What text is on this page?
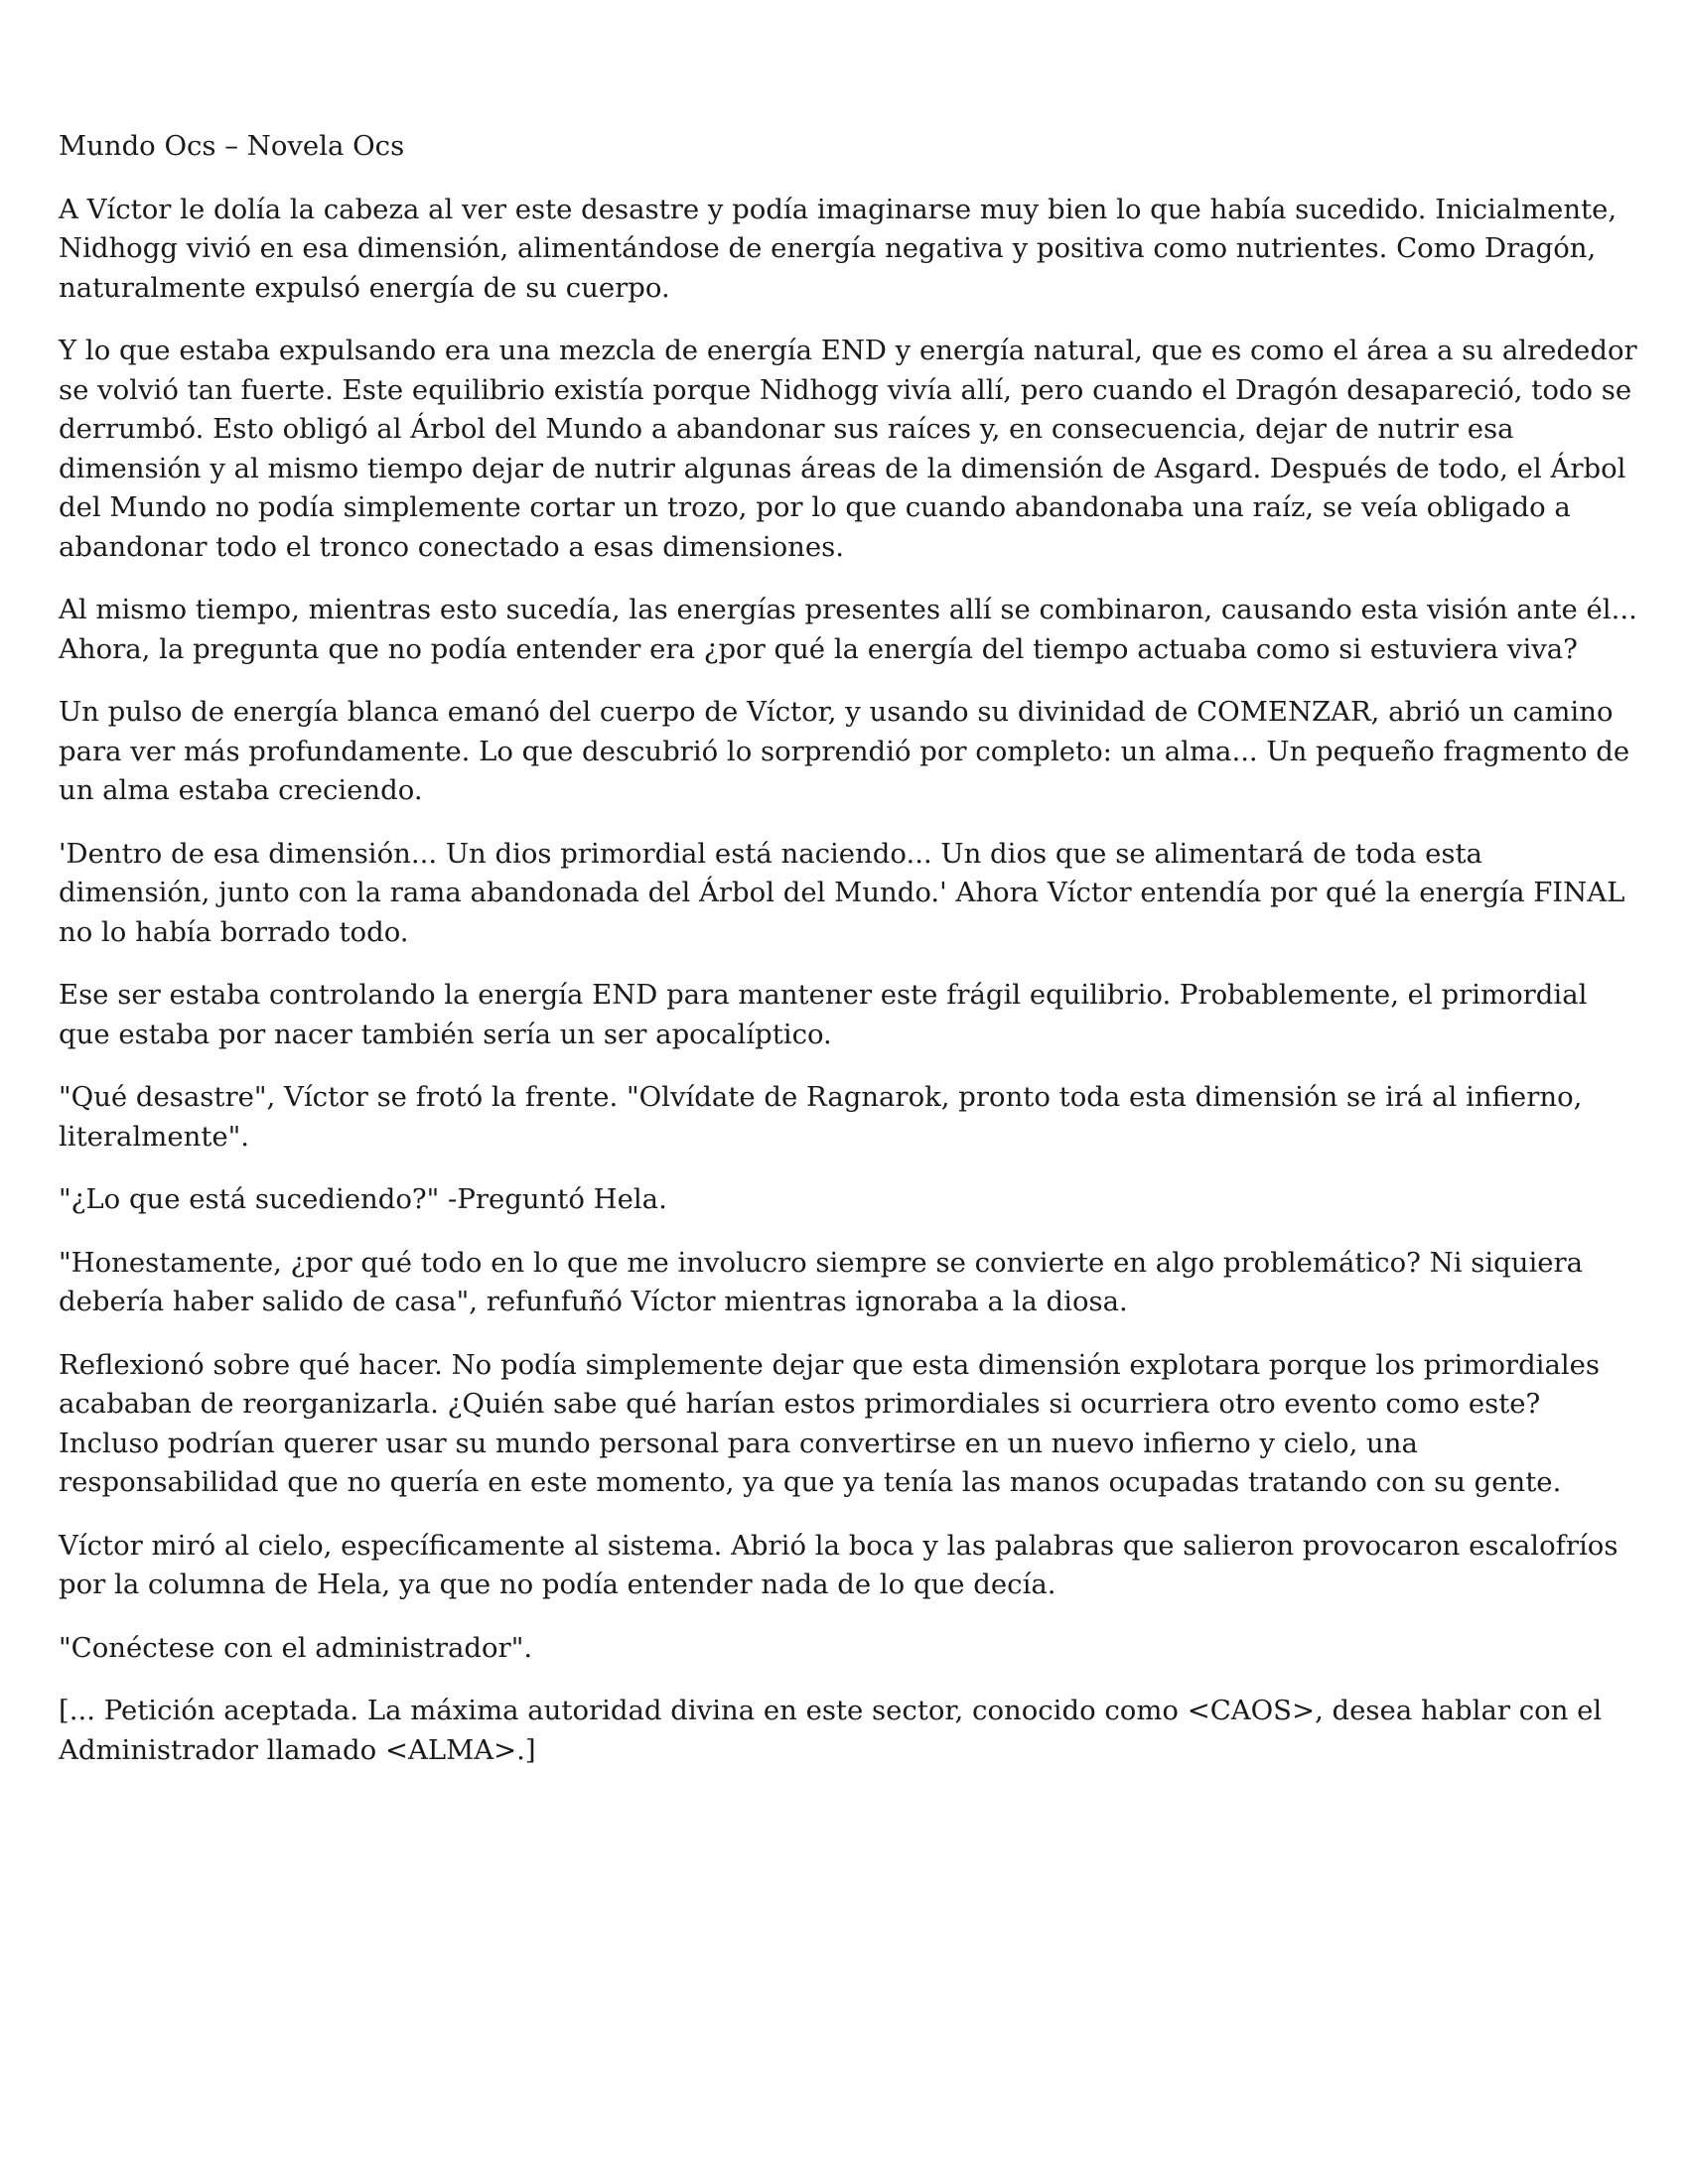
Mundo Ocs – Novela Ocs

A Víctor le dolía la cabeza al ver este desastre y podía imaginarse muy bien lo que había sucedido. Inicialmente, Nidhogg vivió en esa dimensión, alimentándose de energía negativa y positiva como nutrientes. Como Dragón, naturalmente expulsó energía de su cuerpo.

Y lo que estaba expulsando era una mezcla de energía END y energía natural, que es como el área a su alrededor se volvió tan fuerte. Este equilibrio existía porque Nidhogg vivía allí, pero cuando el Dragón desapareció, todo se derrumbó. Esto obligó al Árbol del Mundo a abandonar sus raíces y, en consecuencia, dejar de nutrir esa dimensión y al mismo tiempo dejar de nutrir algunas áreas de la dimensión de Asgard. Después de todo, el Árbol del Mundo no podía simplemente cortar un trozo, por lo que cuando abandonaba una raíz, se veía obligado a abandonar todo el tronco conectado a esas dimensiones.

Al mismo tiempo, mientras esto sucedía, las energías presentes allí se combinaron, causando esta visión ante él... Ahora, la pregunta que no podía entender era ¿por qué la energía del tiempo actuaba como si estuviera viva?

Un pulso de energía blanca emanó del cuerpo de Víctor, y usando su divinidad de COMENZAR, abrió un camino para ver más profundamente. Lo que descubrió lo sorprendió por completo: un alma... Un pequeño fragmento de un alma estaba creciendo.

'Dentro de esa dimensión... Un dios primordial está naciendo... Un dios que se alimentará de toda esta dimensión, junto con la rama abandonada del Árbol del Mundo.' Ahora Víctor entendía por qué la energía FINAL no lo había borrado todo.

Ese ser estaba controlando la energía END para mantener este frágil equilibrio. Probablemente, el primordial que estaba por nacer también sería un ser apocalíptico.

"Qué desastre", Víctor se frotó la frente. "Olvídate de Ragnarok, pronto toda esta dimensión se irá al infierno, literalmente".

"¿Lo que está sucediendo?" -Preguntó Hela.

"Honestamente, ¿por qué todo en lo que me involucro siempre se convierte en algo problemático? Ni siquiera debería haber salido de casa", refunfuñó Víctor mientras ignoraba a la diosa.

Reflexionó sobre qué hacer. No podía simplemente dejar que esta dimensión explotara porque los primordiales acababan de reorganizarla. ¿Quién sabe qué harían estos primordiales si ocurriera otro evento como este? Incluso podrían querer usar su mundo personal para convertirse en un nuevo infierno y cielo, una responsabilidad que no quería en este momento, ya que ya tenía las manos ocupadas tratando con su gente.

Víctor miró al cielo, específicamente al sistema. Abrió la boca y las palabras que salieron provocaron escalofríos por la columna de Hela, ya que no podía entender nada de lo que decía.

"Conéctese con el administrador".

[... Petición aceptada. La máxima autoridad divina en este sector, conocido como <CAOS>, desea hablar con el Administrador llamado <ALMA>.]
